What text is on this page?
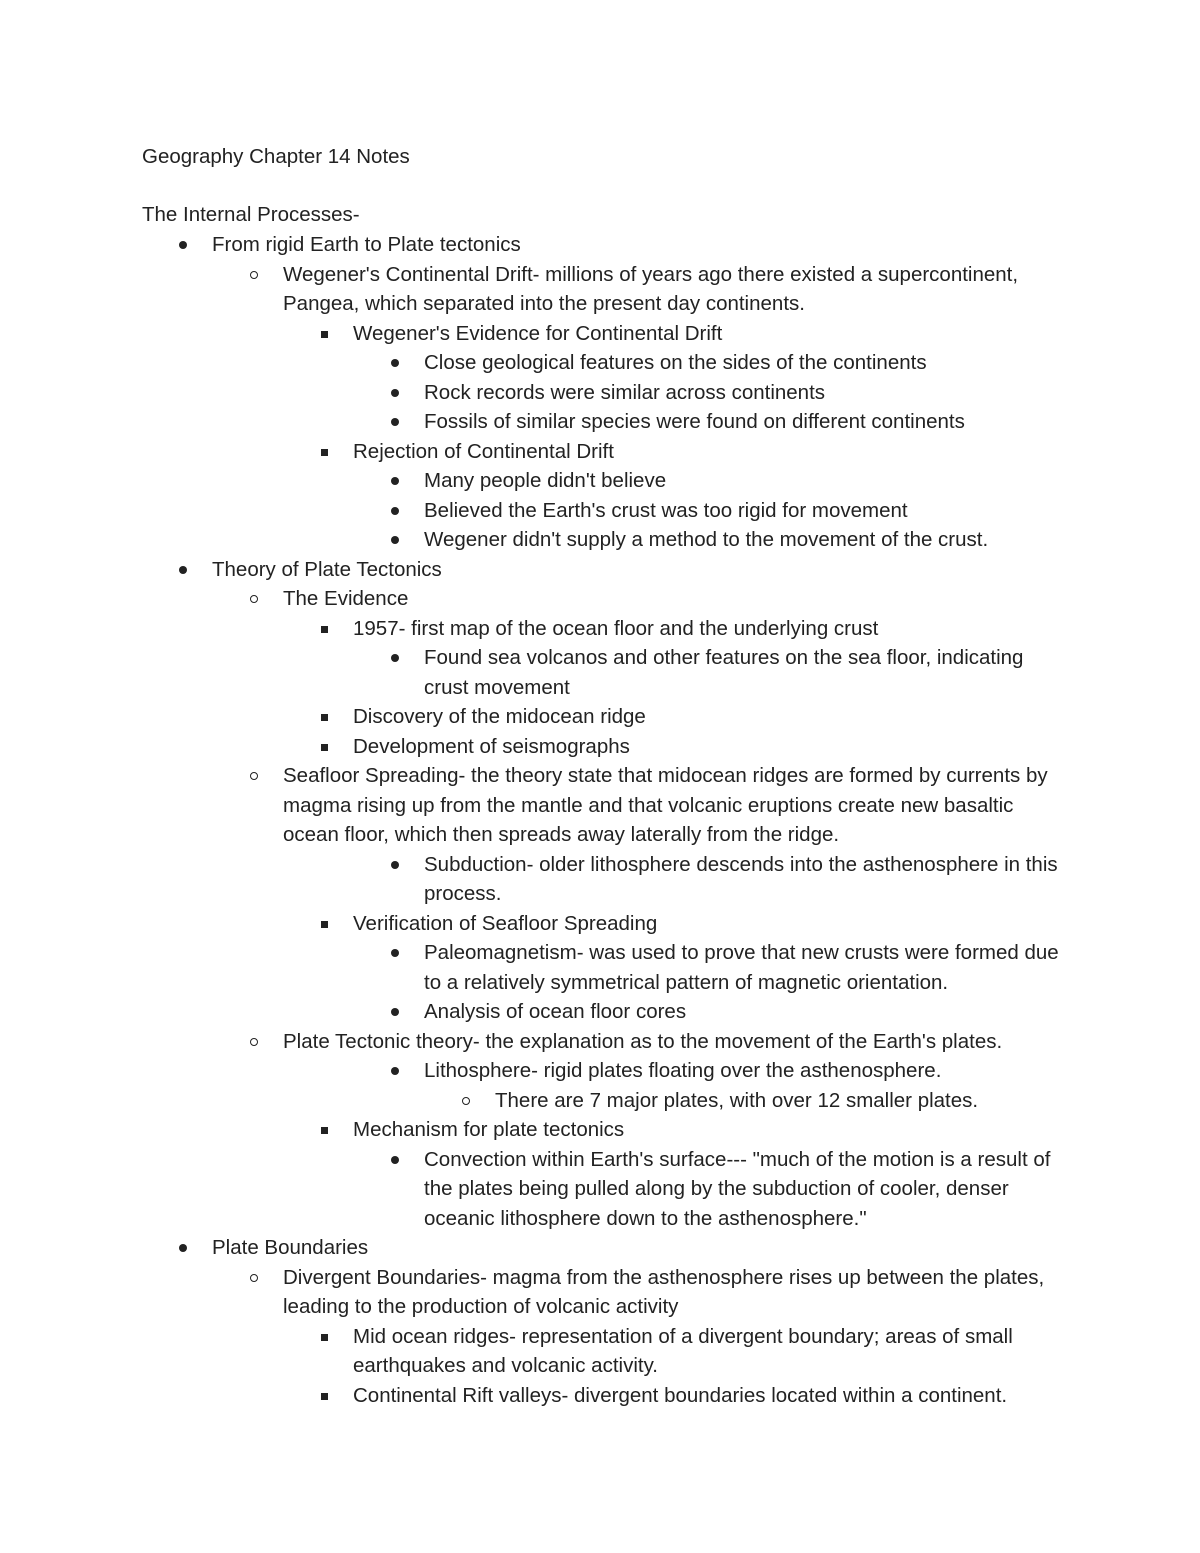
Geography Chapter 14 Notes
The Internal Processes-
From rigid Earth to Plate tectonics
Wegener's Continental Drift- millions of years ago there existed a supercontinent, Pangea, which separated into the present day continents.
Wegener's Evidence for Continental Drift
Close geological features on the sides of the continents
Rock records were similar across continents
Fossils of similar species were found on different continents
Rejection of Continental Drift
Many people didn't believe
Believed the Earth's crust was too rigid for movement
Wegener didn't supply a method to the movement of the crust.
Theory of Plate Tectonics
The Evidence
1957- first map of the ocean floor and the underlying crust
Found sea volcanos and other features on the sea floor, indicating crust movement
Discovery of the midocean ridge
Development of seismographs
Seafloor Spreading- the theory state that midocean ridges are formed by currents by magma rising up from the mantle and that volcanic eruptions create new basaltic ocean floor, which then spreads away laterally from the ridge.
Subduction- older lithosphere descends into the asthenosphere in this process.
Verification of Seafloor Spreading
Paleomagnetism- was used to prove that new crusts were formed due to a relatively symmetrical pattern of magnetic orientation.
Analysis of ocean floor cores
Plate Tectonic theory- the explanation as to the movement of the Earth's plates.
Lithosphere- rigid plates floating over the asthenosphere.
There are 7 major plates, with over 12 smaller plates.
Mechanism for plate tectonics
Convection within Earth's surface--- "much of the motion is a result of the plates being pulled along by the subduction of cooler, denser oceanic lithosphere down to the asthenosphere."
Plate Boundaries
Divergent Boundaries- magma from the asthenosphere rises up between the plates, leading to the production of volcanic activity
Mid ocean ridges- representation of a divergent boundary; areas of small earthquakes and volcanic activity.
Continental Rift valleys- divergent boundaries located within a continent.
